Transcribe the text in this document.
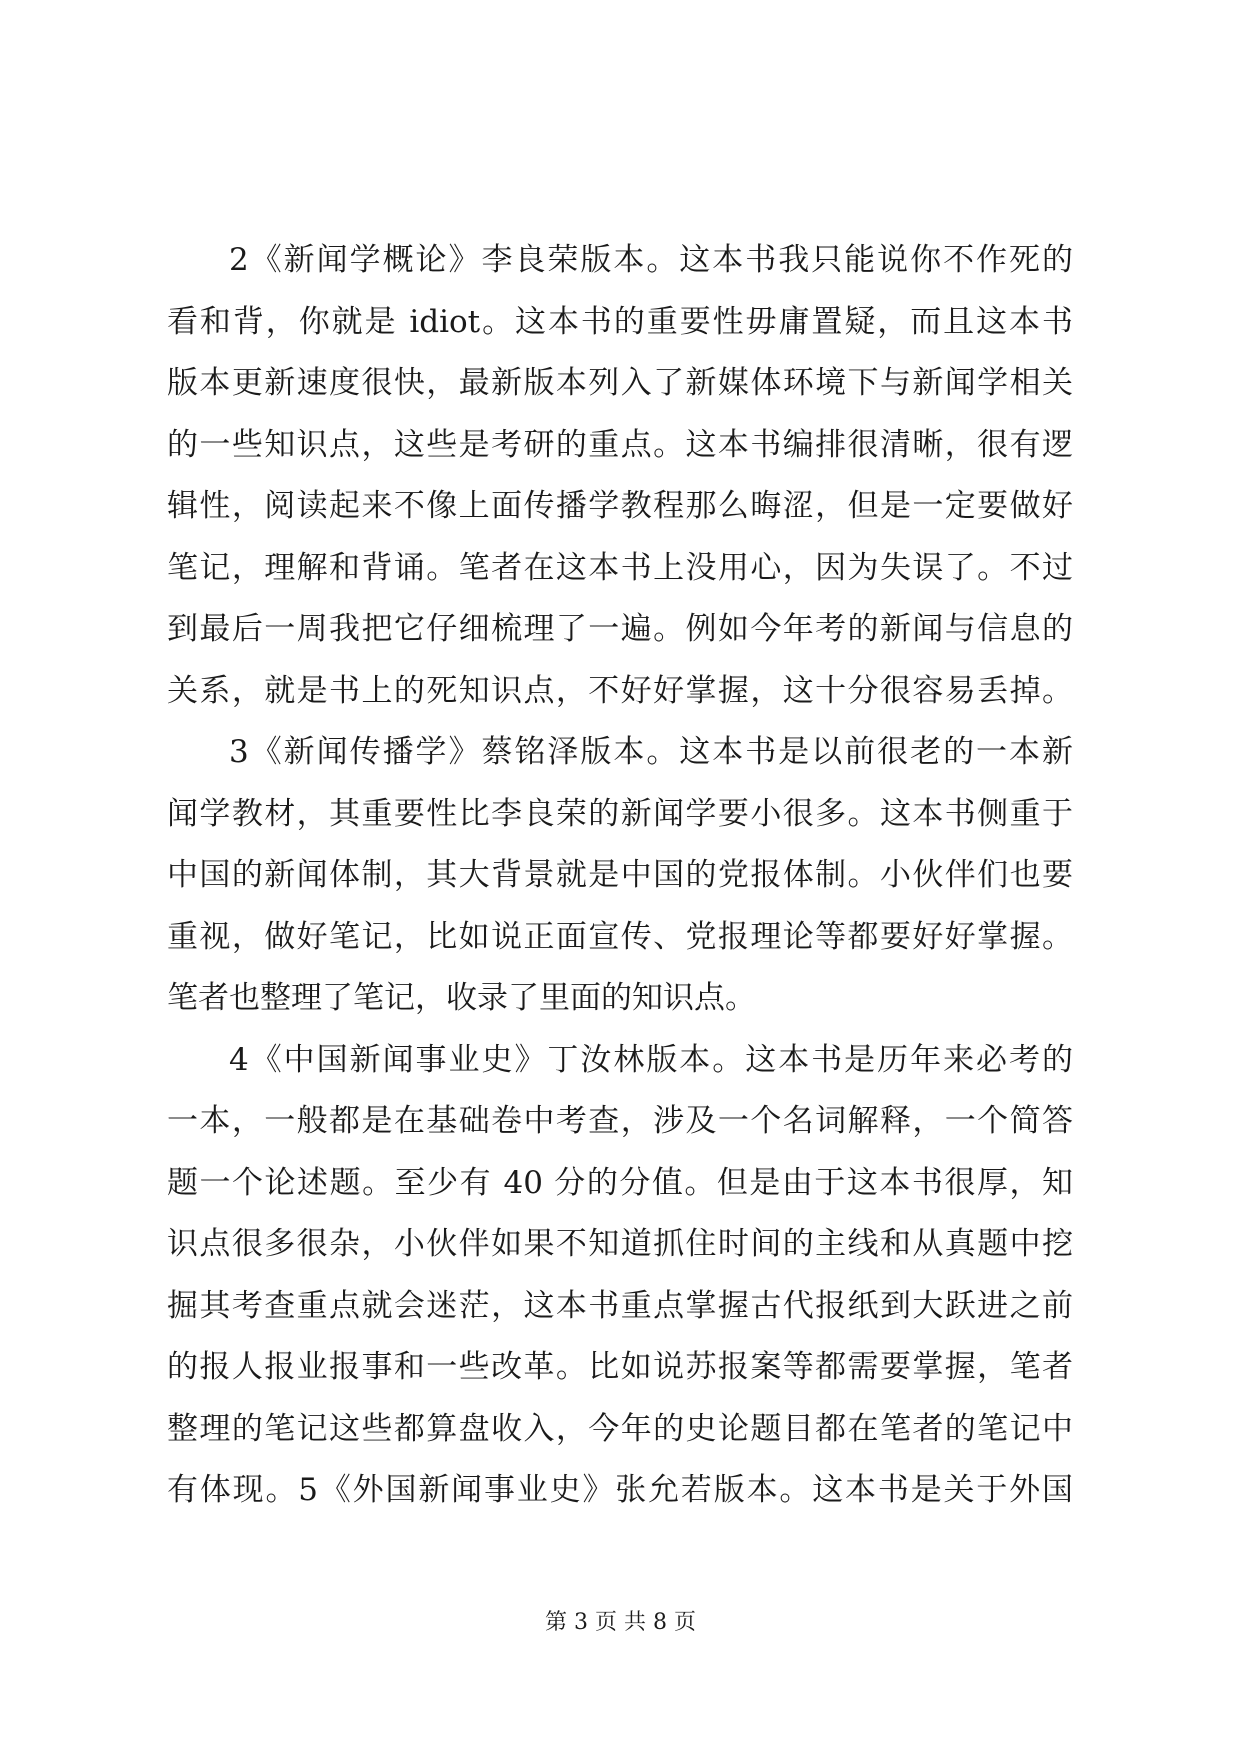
2《新闻学概论》李良荣版本。这本书我只能说你不作死的
看和背，你就是 idiot。这本书的重要性毋庸置疑，而且这本书
版本更新速度很快，最新版本列入了新媒体环境下与新闻学相关
的一些知识点，这些是考研的重点。这本书编排很清晰，很有逻
辑性，阅读起来不像上面传播学教程那么晦涩，但是一定要做好
笔记，理解和背诵。笔者在这本书上没用心，因为失误了。不过
到最后一周我把它仔细梳理了一遍。例如今年考的新闻与信息的
关系，就是书上的死知识点，不好好掌握，这十分很容易丢掉。
3《新闻传播学》蔡铭泽版本。这本书是以前很老的一本新
闻学教材，其重要性比李良荣的新闻学要小很多。这本书侧重于
中国的新闻体制，其大背景就是中国的党报体制。小伙伴们也要
重视，做好笔记，比如说正面宣传、党报理论等都要好好掌握。
笔者也整理了笔记，收录了里面的知识点。
4《中国新闻事业史》丁汝林版本。这本书是历年来必考的
一本，一般都是在基础卷中考查，涉及一个名词解释，一个简答
题一个论述题。至少有 40 分的分值。但是由于这本书很厚，知
识点很多很杂，小伙伴如果不知道抓住时间的主线和从真题中挖
掘其考查重点就会迷茫，这本书重点掌握古代报纸到大跃进之前
的报人报业报事和一些改革。比如说苏报案等都需要掌握，笔者
整理的笔记这些都算盘收入，今年的史论题目都在笔者的笔记中
有体现。5《外国新闻事业史》张允若版本。这本书是关于外国
第 3 页 共 8 页
